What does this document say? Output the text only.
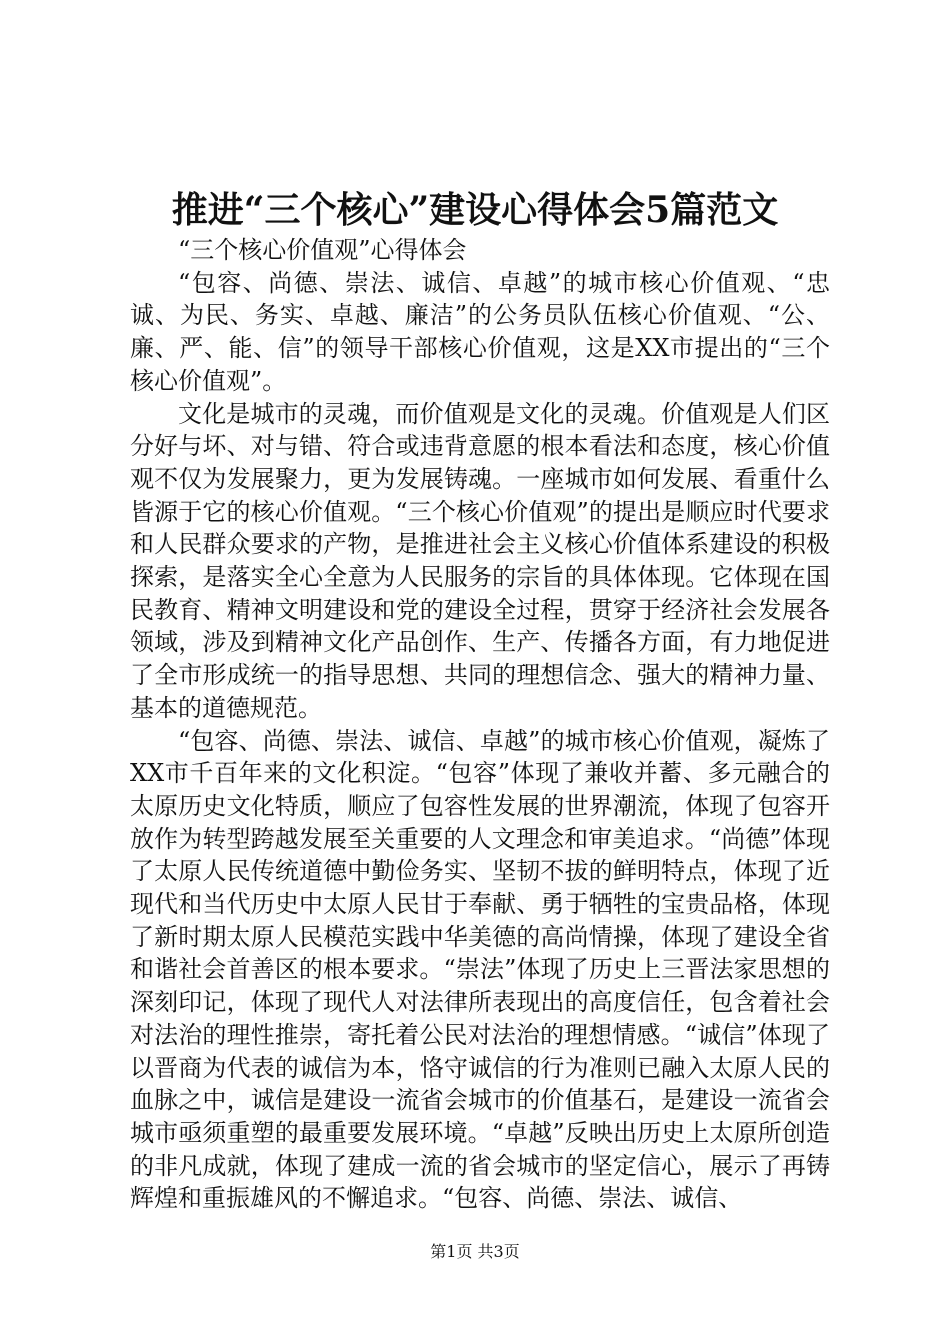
推进“三个核心”建设心得体会5篇范文

“三个核心价值观”心得体会

“包容、尚德、崇法、诚信、卓越”的城市核心价值观、“忠诚、为民、务实、卓越、廉洁”的公务员队伍核心价值观、“公、廉、严、能、信”的领导干部核心价值观，这是XX市提出的“三个核心价值观”。

文化是城市的灵魂，而价值观是文化的灵魂。价值观是人们区分好与坏、对与错、符合或违背意愿的根本看法和态度，核心价值观不仅为发展聚力，更为发展铸魂。一座城市如何发展、看重什么皆源于它的核心价值观。“三个核心价值观”的提出是顺应时代要求和人民群众要求的产物，是推进社会主义核心价值体系建设的积极探索，是落实全心全意为人民服务的宗旨的具体体现。它体现在国民教育、精神文明建设和党的建设全过程，贯穿于经济社会发展各领域，涉及到精神文化产品创作、生产、传播各方面，有力地促进了全市形成统一的指导思想、共同的理想信念、强大的精神力量、基本的道德规范。

“包容、尚德、崇法、诚信、卓越”的城市核心价值观，凝炼了XX市千百年来的文化积淀。“包容”体现了兼收并蓄、多元融合的太原历史文化特质，顺应了包容性发展的世界潮流，体现了包容开放作为转型跨越发展至关重要的人文理念和审美追求。“尚德”体现了太原人民传统道德中勤俭务实、坚韧不拔的鲜明特点，体现了近现代和当代历史中太原人民甘于奉献、勇于牺牲的宝贵品格，体现了新时期太原人民模范实践中华美德的高尚情操，体现了建设全省和谐社会首善区的根本要求。“崇法”体现了历史上三晋法家思想的深刻印记，体现了现代人对法律所表现出的高度信任，包含着社会对法治的理性推崇，寄托着公民对法治的理想情感。“诚信”体现了以晋商为代表的诚信为本，恪守诚信的行为准则已融入太原人民的血脉之中，诚信是建设一流省会城市的价值基石，是建设一流省会城市亟须重塑的最重要发展环境。“卓越”反映出历史上太原所创造的非凡成就，体现了建成一流的省会城市的坚定信心，展示了再铸辉煌和重振雄风的不懈追求。“包容、尚德、崇法、诚信、

第1页 共3页
